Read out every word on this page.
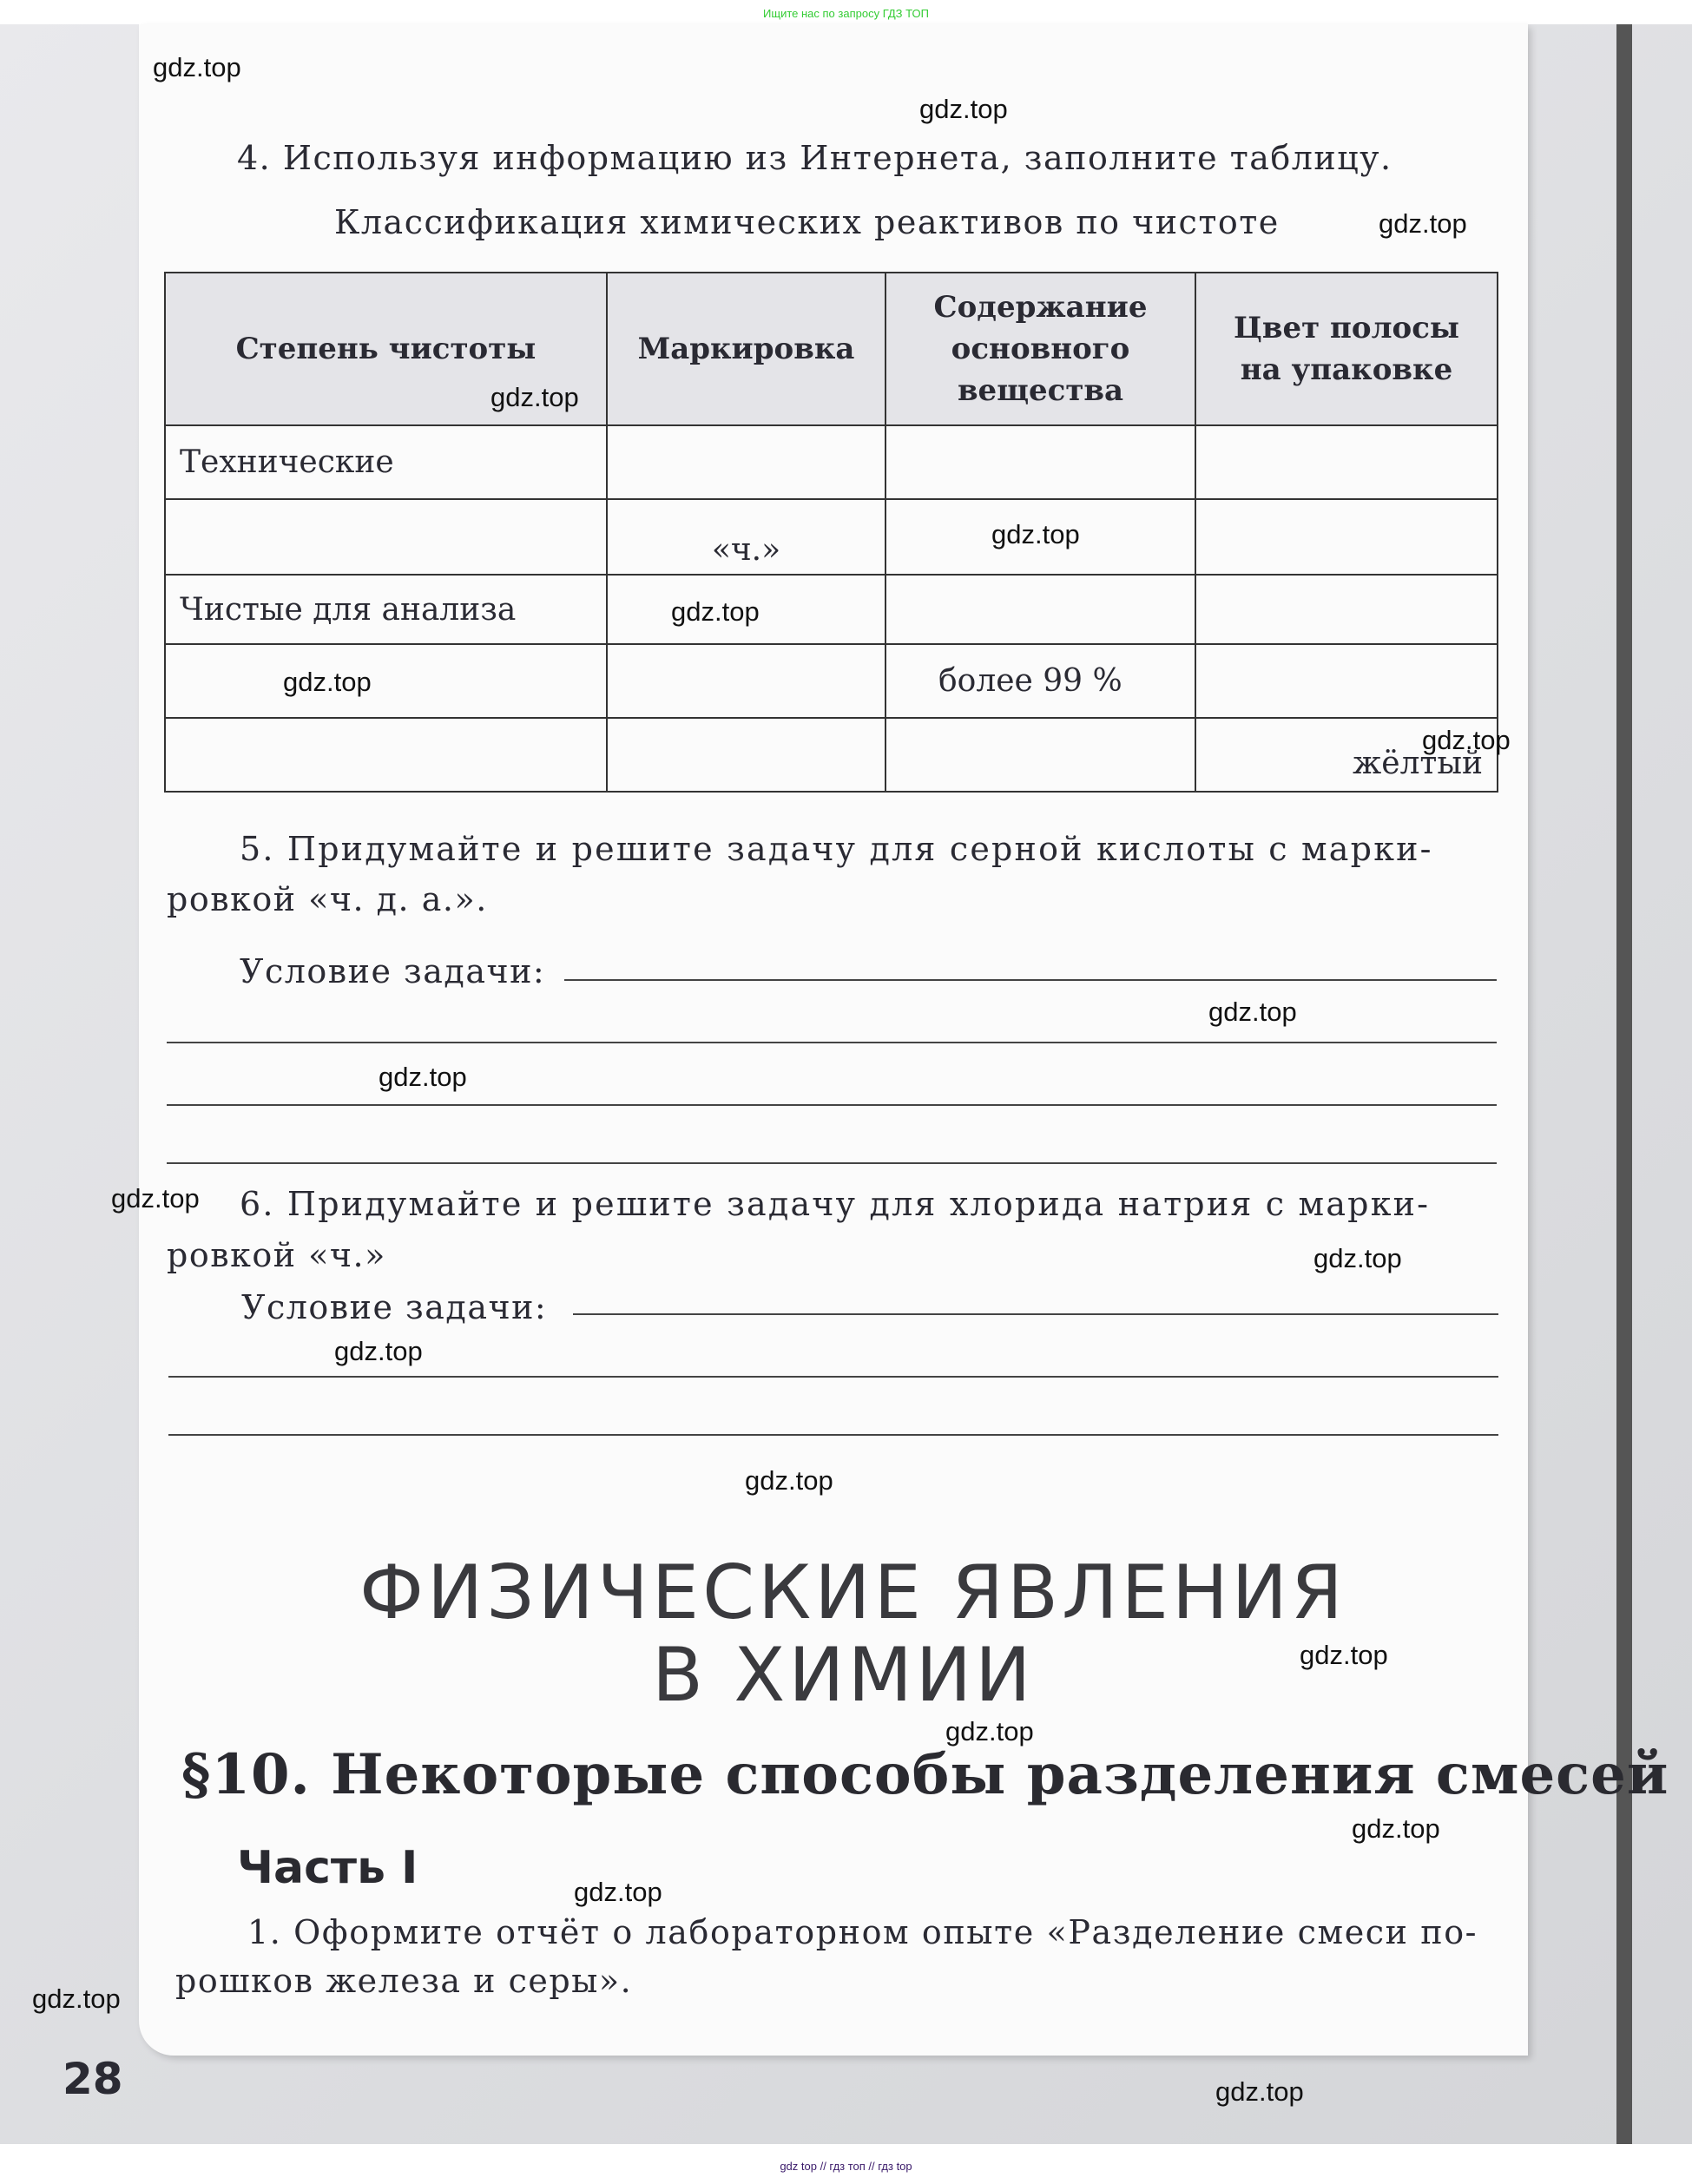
Ищите нас по запросу ГДЗ ТОП
4. Используя информацию из Интернета, заполните таблицу.
Классификация химических реактивов по чистоте
Степень чистоты	Маркировка	Содержание основного вещества	Цвет полосы на упаковке
Технические			
	«ч.»		
Чистые для анализа			
		более 99 %	
			жёлтый
5. Придумайте и решите задачу для серной кислоты с марки-
ровкой «ч. д. а.».
Условие задачи:
6. Придумайте и решите задачу для хлорида натрия с марки-
ровкой «ч.»
Условие задачи:
ФИЗИЧЕСКИЕ ЯВЛЕНИЯ
В ХИМИИ
§10. Некоторые способы разделения смесей
Часть I
1. Оформите отчёт о лабораторном опыте «Разделение смеси по-
рошков железа и серы».
28
gdz.top
gdz.top
gdz.top
gdz.top
gdz.top
gdz.top
gdz.top
gdz.top
gdz.top
gdz.top
gdz.top
gdz.top
gdz.top
gdz.top
gdz.top
gdz.top
gdz.top
gdz.top
gdz.top
gdz.top
gdz top // гдз топ // гдз top
